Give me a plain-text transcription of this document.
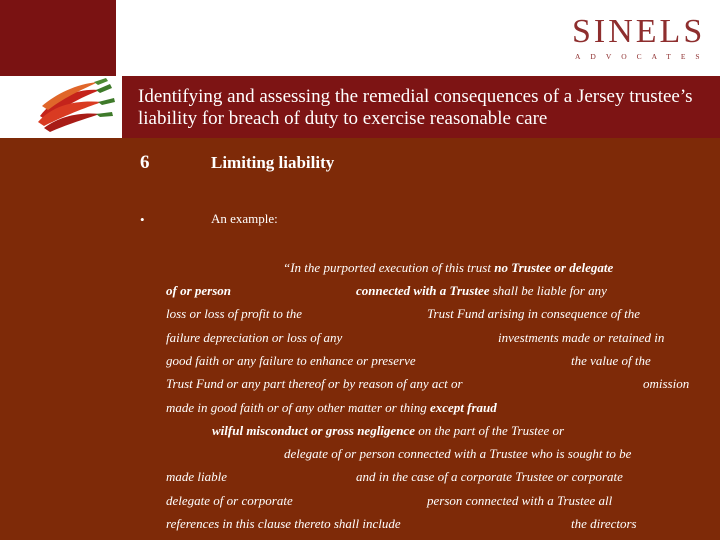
SINELS
ADVOCATES
Identifying and assessing the remedial consequences of a Jersey trustee’s liability for breach of duty to exercise reasonable care
6	Limiting liability
•	An example:
“In the purported execution of this trust no Trustee or delegate
of or person	connected with a Trustee shall be liable for any
loss or loss of profit to the	Trust Fund arising in consequence of the
failure depreciation or loss of any	investments made or retained in
good faith or any failure to enhance or preserve	the value of the
Trust Fund or any part thereof or by reason of any act or	omission
made in good faith or of any other matter or thing except fraud
wilful misconduct or gross negligence on the part of the Trustee or
delegate of or person connected with a Trustee who is sought to be
made liable	and in the case of a corporate Trustee or corporate
delegate of or corporate	person connected with a Trustee all
references in this clause thereto shall include	the directors
